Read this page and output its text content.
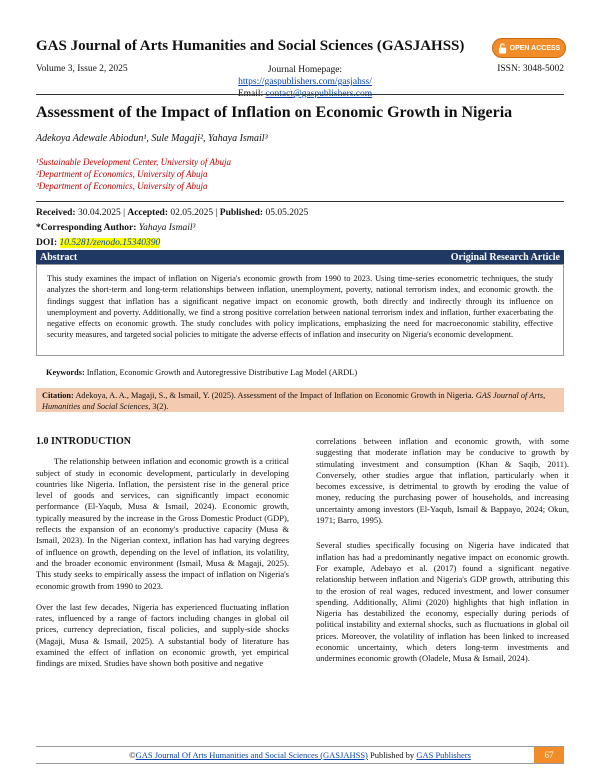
GAS Journal of Arts Humanities and Social Sciences (GASJAHSS)	OPEN ACCESS
Volume 3, Issue 2, 2025	Journal Homepage: https://gaspublishers.com/gasjahss/
Email: contact@gaspublishers.com
ISSN: 3048-5002
Assessment of the Impact of Inflation on Economic Growth in Nigeria
Adekoya Adewale Abiodun¹, Sule Magaji², Yahaya Ismail³
¹Sustainable Development Center, University of Abuja
²Department of Economics, University of Abuja
³Department of Economics, University of Abuja
Received: 30.04.2025 | Accepted: 02.05.2025 | Published: 05.05.2025
*Corresponding Author: Yahaya Ismail³
DOI: 10.5281/zenodo.15340390
Abstract	Original Research Article
This study examines the impact of inflation on Nigeria's economic growth from 1990 to 2023. Using time-series econometric techniques, the study analyzes the short-term and long-term relationships between inflation, unemployment, poverty, national terrorism index, and economic growth. the findings suggest that inflation has a significant negative impact on economic growth, both directly and indirectly through its influence on unemployment and poverty. Additionally, we find a strong positive correlation between national terrorism index and inflation, further exacerbating the negative effects on economic growth. The study concludes with policy implications, emphasizing the need for macroeconomic stability, effective security measures, and targeted social policies to mitigate the adverse effects of inflation and insecurity on Nigeria's economic development.
Keywords: Inflation, Economic Growth and Autoregressive Distributive Lag Model (ARDL)
Citation: Adekoya, A. A., Magaji, S., & Ismail, Y. (2025). Assessment of the Impact of Inflation on Economic Growth in Nigeria. GAS Journal of Arts, Humanities and Social Sciences, 3(2).
1.0 INTRODUCTION

The relationship between inflation and economic growth is a critical subject of study in economic development, particularly in developing countries like Nigeria. Inflation, the persistent rise in the general price level of goods and services, can significantly impact economic performance (El-Yaqub, Musa & Ismail, 2024). Economic growth, typically measured by the increase in the Gross Domestic Product (GDP), reflects the expansion of an economy's productive capacity (Musa & Ismail, 2023). In the Nigerian context, inflation has had varying degrees of influence on growth, depending on the level of inflation, its volatility, and the broader economic environment (Ismail, Musa & Magaji, 2025). This study seeks to empirically assess the impact of inflation on Nigeria's economic growth from 1990 to 2023.

Over the last few decades, Nigeria has experienced fluctuating inflation rates, influenced by a range of factors including changes in global oil prices, currency depreciation, fiscal policies, and supply-side shocks (Magaji, Musa & Ismail, 2025). A substantial body of literature has examined the effect of inflation on economic growth, yet empirical findings are mixed. Studies have shown both positive and negative

correlations between inflation and economic growth, with some suggesting that moderate inflation may be conducive to growth by stimulating investment and consumption (Khan & Saqib, 2011). Conversely, other studies argue that inflation, particularly when it becomes excessive, is detrimental to growth by eroding the value of money, reducing the purchasing power of households, and increasing uncertainty among investors (El-Yaqub, Ismail & Bappayo, 2024; Okun, 1971; Barro, 1995).

Several studies specifically focusing on Nigeria have indicated that inflation has had a predominantly negative impact on economic growth. For example, Adebayo et al. (2017) found a significant negative relationship between inflation and Nigeria's GDP growth, attributing this to the erosion of real wages, reduced investment, and lower consumer spending. Additionally, Alimi (2020) highlights that high inflation in Nigeria has destabilized the economy, especially during periods of political instability and external shocks, such as fluctuations in global oil prices. Moreover, the volatility of inflation has been linked to increased economic uncertainty, which deters long-term investments and undermines economic growth (Oladele, Musa & Ismail, 2024).

© GAS Journal Of Arts Humanities and Social Sciences (GASJAHSS) Published by GAS Publishers	67
